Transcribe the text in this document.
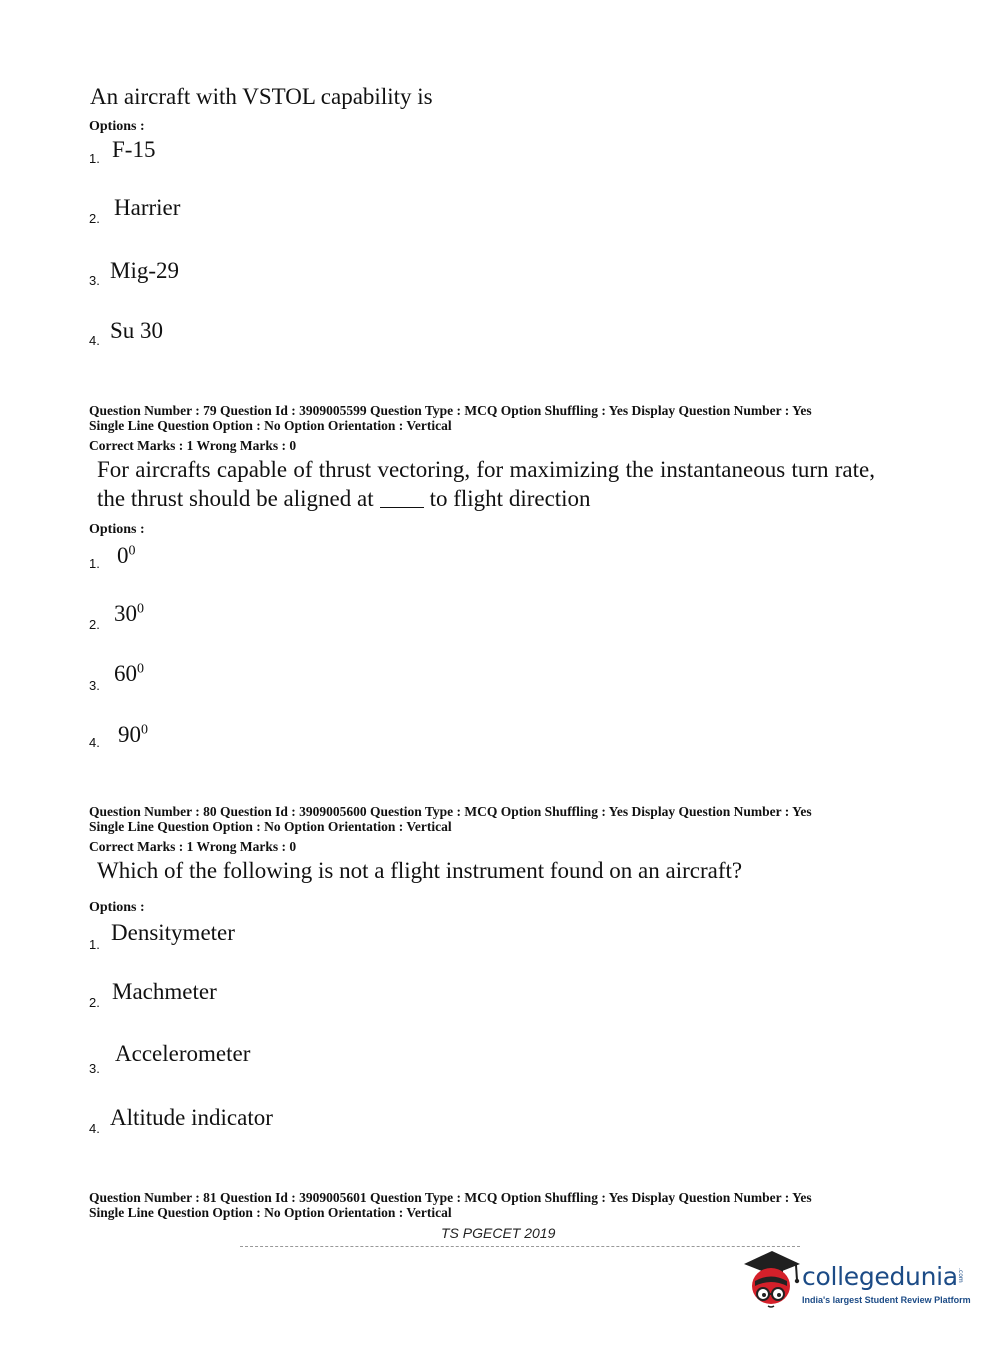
An aircraft with VSTOL capability is
Options :
1. F-15
2. Harrier
3. Mig-29
4. Su 30
Question Number : 79 Question Id : 3909005599 Question Type : MCQ Option Shuffling : Yes Display Question Number : Yes
Single Line Question Option : No Option Orientation : Vertical
Correct Marks : 1 Wrong Marks : 0
For aircrafts capable of thrust vectoring, for maximizing the instantaneous turn rate,
the thrust should be aligned at to flight direction
Options :
1. $0^0$
2. $30^0$
3. $60^0$
4. $90^0$
Question Number : 80 Question Id : 3909005600 Question Type : MCQ Option Shuffling : Yes Display Question Number : Yes
Single Line Question Option : No Option Orientation : Vertical
Correct Marks : 1 Wrong Marks : 0
Which of the following is not a flight instrument found on an aircraft?
Options :
1. Densitymeter
2. Machmeter
3.
Accelerometer
4. Altitude indicator
Question Number : 81 Question Id : 3909005601 Question Type : MCQ Option Shuffling : Yes Display Question Number : Yes
Single Line Question Option : No Option Orientation : Vertical
TS PGECET 2019
collegedunia .com
India's largest Student Review Platform
